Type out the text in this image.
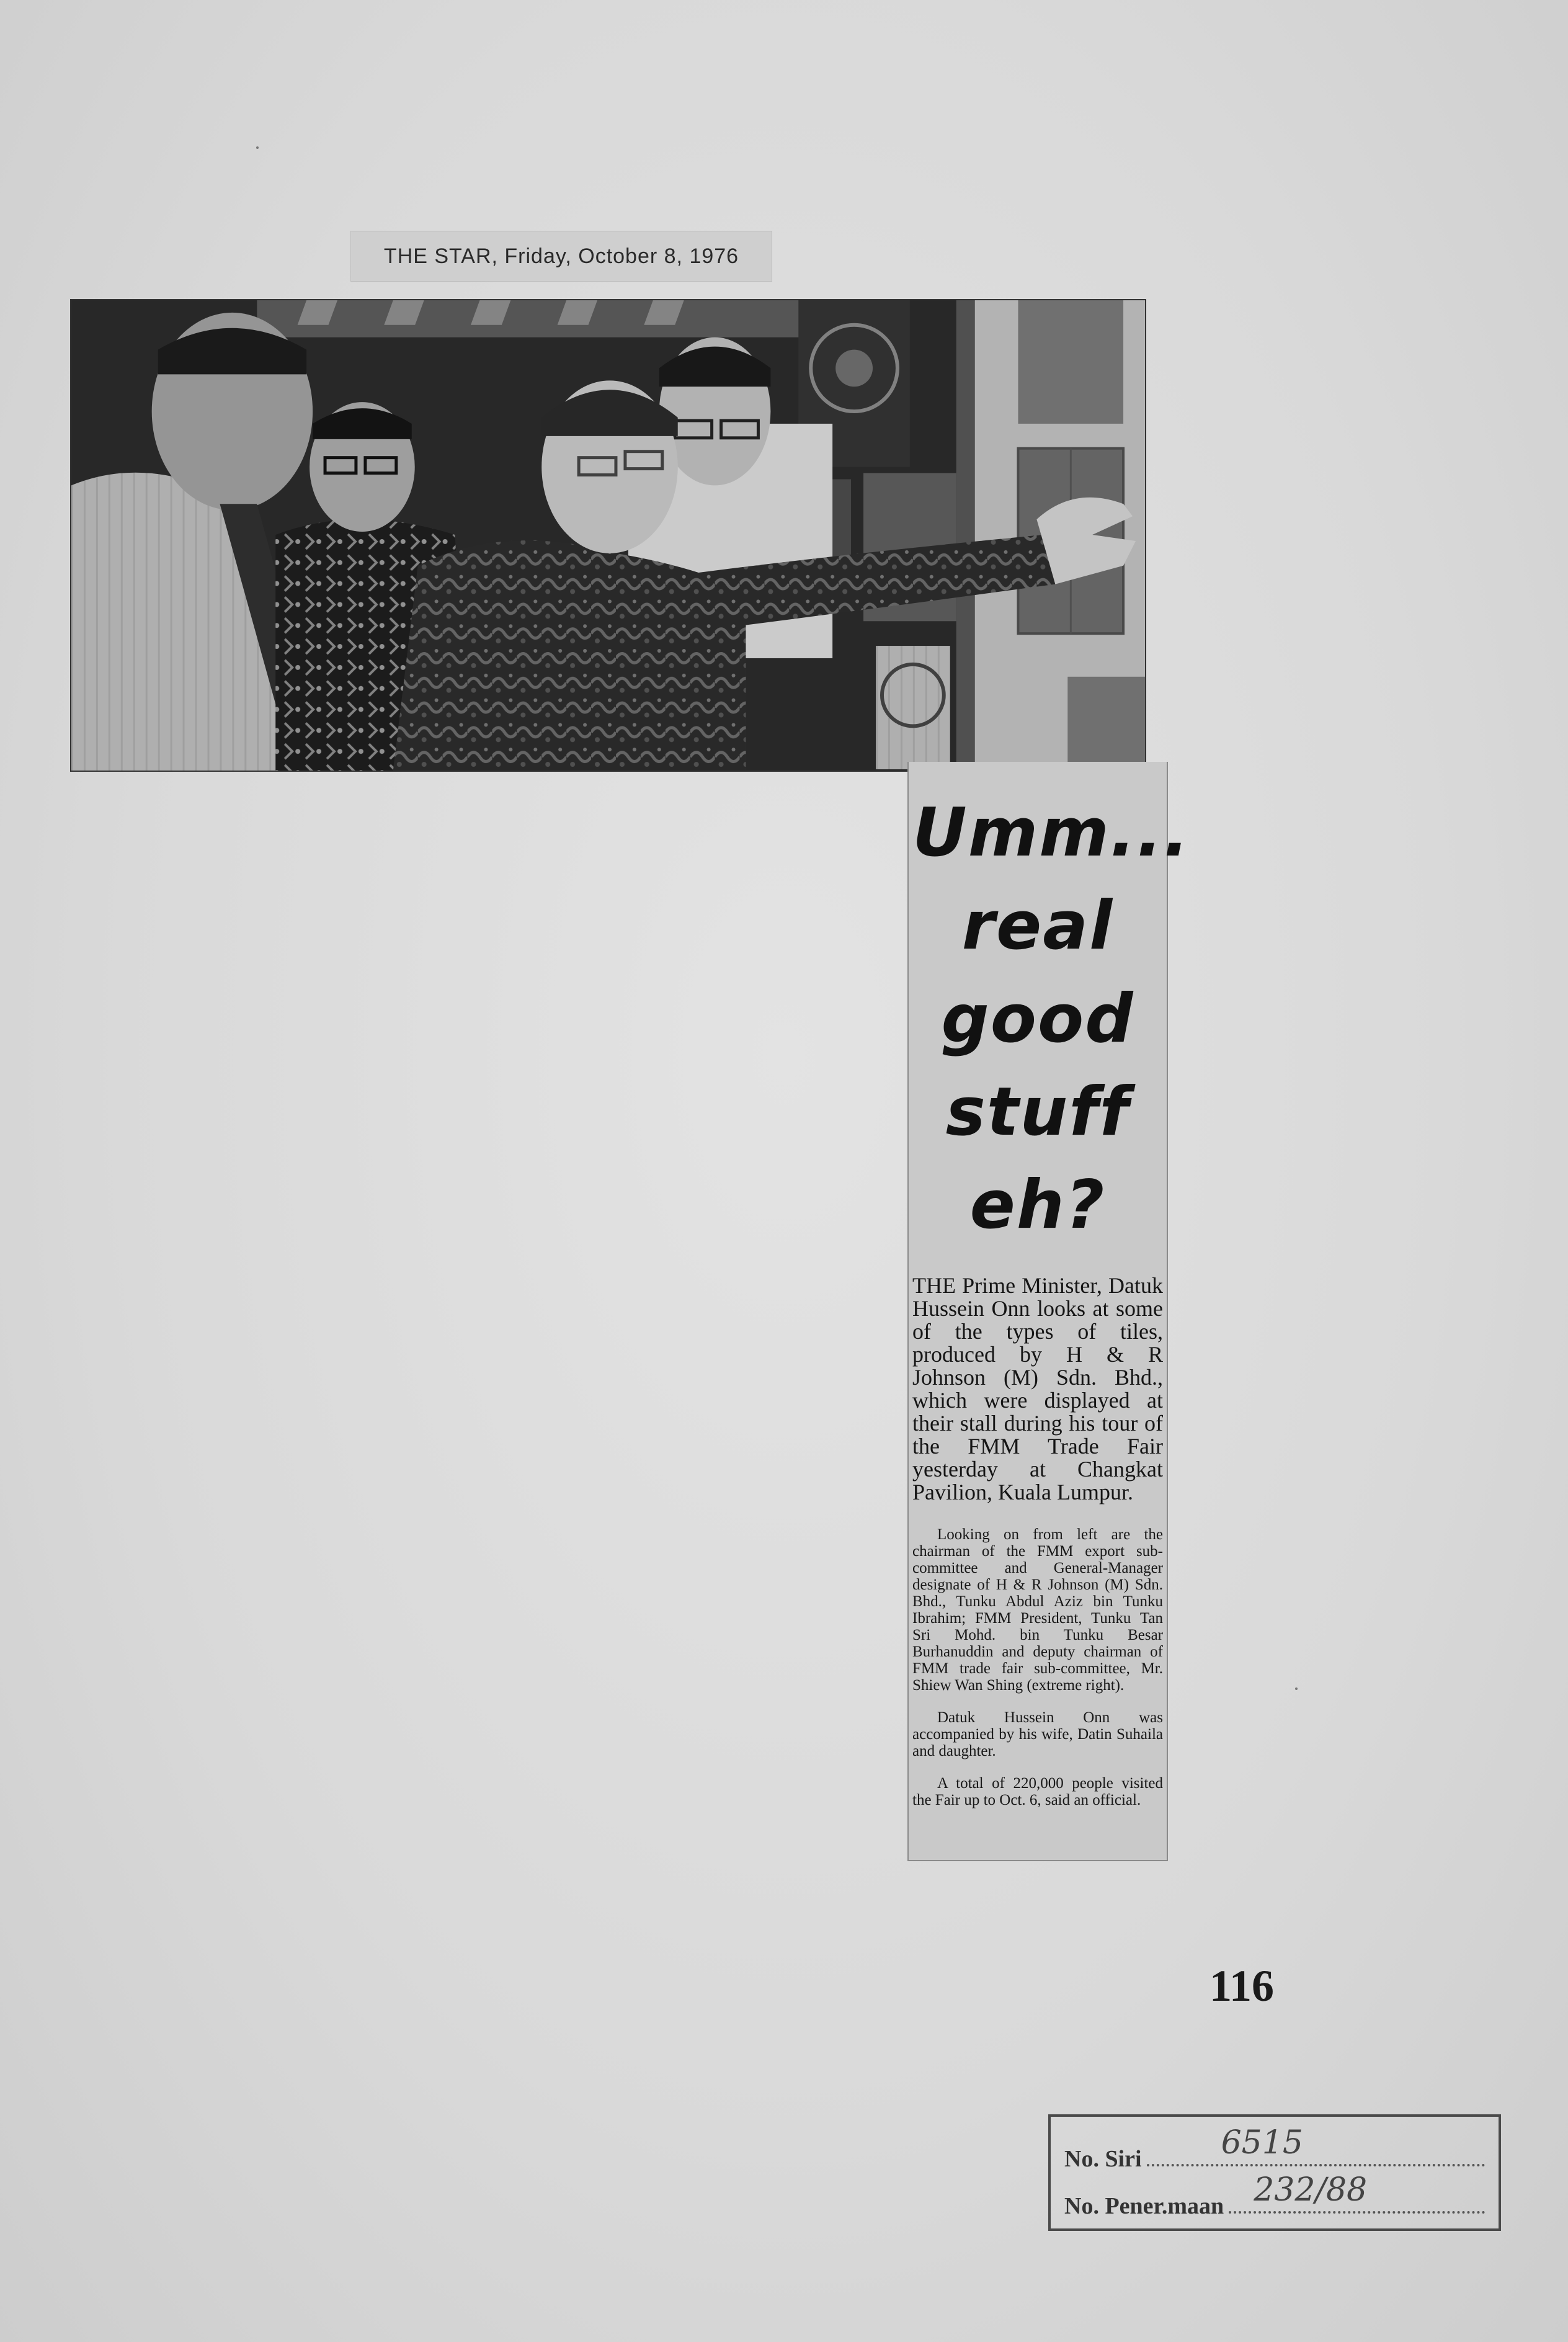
THE STAR, Friday, October 8, 1976
Umm...
real
good
stuff
eh?

THE Prime Minister, Datuk Hussein Onn looks at some of the types of tiles, produced by H & R Johnson (M) Sdn. Bhd., which were displayed at their stall during his tour of the FMM Trade Fair yesterday at Changkat Pavilion, Kuala Lumpur.

Looking on from left are the chairman of the FMM export sub-committee and General-Manager designate of H & R Johnson (M) Sdn. Bhd., Tunku Abdul Aziz bin Tunku Ibrahim; FMM President, Tunku Tan Sri Mohd. bin Tunku Besar Burhanuddin and deputy chairman of FMM trade fair sub-committee, Mr. Shiew Wan Shing (extreme right).

Datuk Hussein Onn was accompanied by his wife, Datin Suhaila and daughter.

A total of 220,000 people visited the Fair up to Oct. 6, said an official.

116
No. Siri 6515
No. Pener.maan 232/88
